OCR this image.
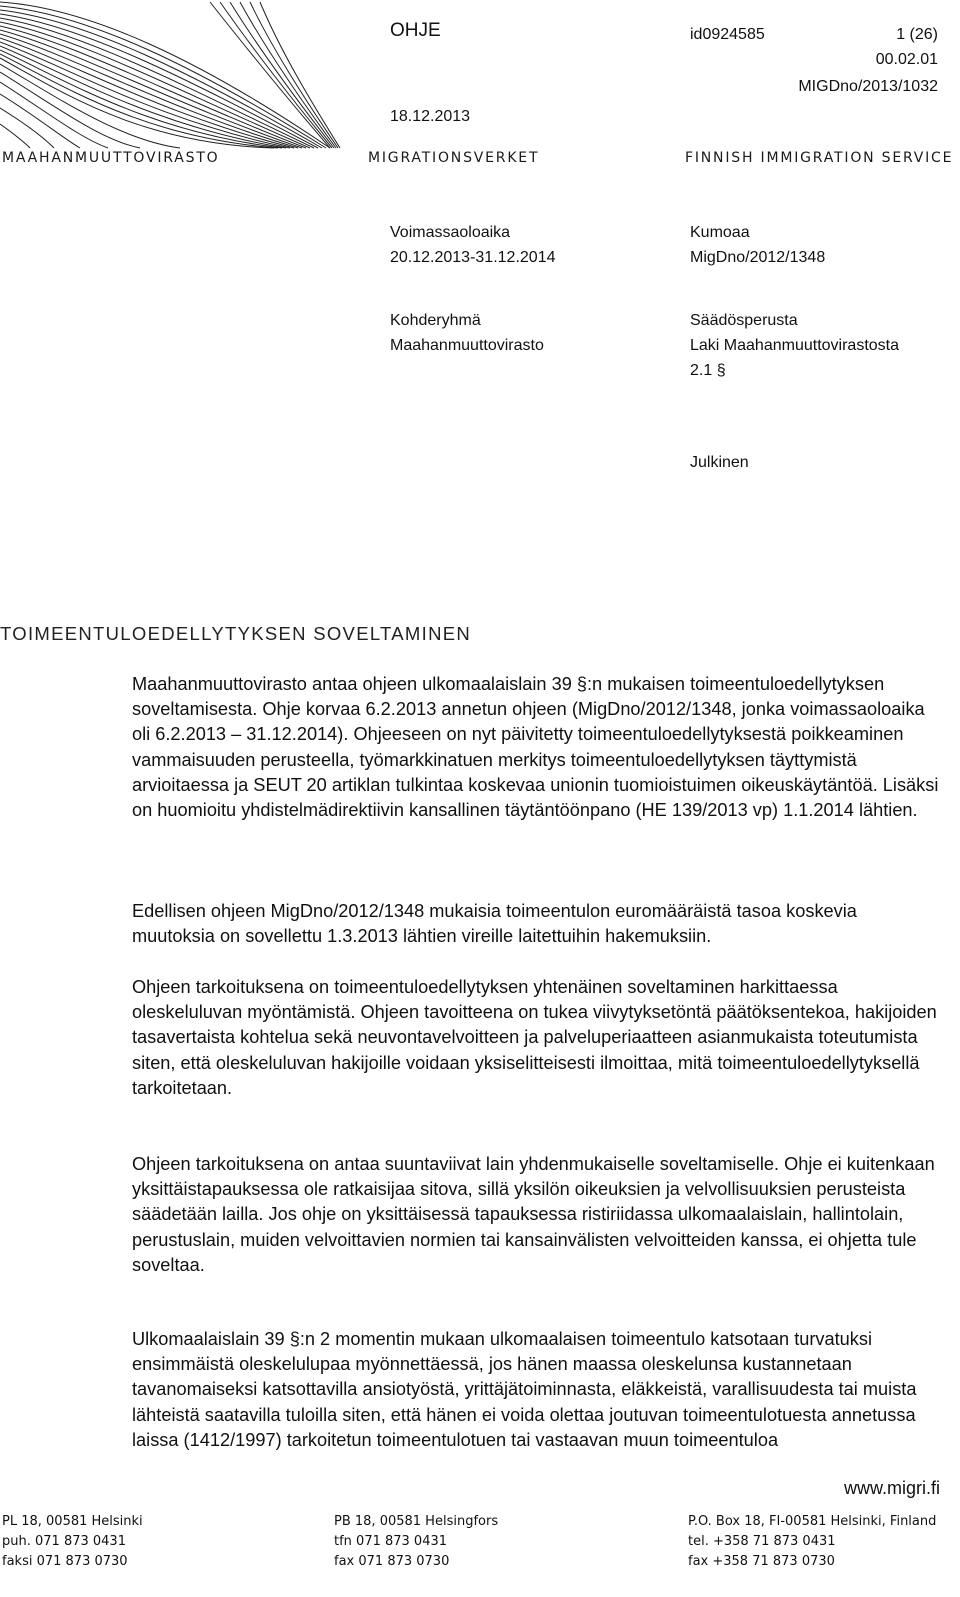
OHJE
18.12.2013
id0924585	1 (26)
00.02.01
MIGDno/2013/1032
MAAHANMUUTTOVIRASTO	MIGRATIONSVERKET	FINNISH IMMIGRATION SERVICE
Voimassaoloaika
20.12.2013-31.12.2014
Kumoaa
MigDno/2012/1348
Kohderyhmä
Maahanmuuttovirasto
Säädösperusta
Laki Maahanmuuttovirastosta
2.1 §
Julkinen
TOIMEENTULOEDELLYTYKSEN SOVELTAMINEN

Maahanmuuttovirasto antaa ohjeen ulkomaalaislain 39 §:n mukaisen toimeentuloedellytyksen soveltamisesta. Ohje korvaa 6.2.2013 annetun ohjeen (MigDno/2012/1348, jonka voimassaoloaika oli 6.2.2013 – 31.12.2014). Ohjeeseen on nyt päivitetty toimeentuloedellytyksestä poikkeaminen vammaisuuden perusteella, työmarkkinatuen merkitys toimeentuloedellytyksen täyttymistä arvioitaessa ja SEUT 20 artiklan tulkintaa koskevaa unionin tuomioistuimen oikeuskäytäntöä. Lisäksi on huomioitu yhdistelmädirektiivin kansallinen täytäntöönpano (HE 139/2013 vp) 1.1.2014 lähtien.

Edellisen ohjeen MigDno/2012/1348 mukaisia toimeentulon euromääräistä tasoa koskevia muutoksia on sovellettu 1.3.2013 lähtien vireille laitettuihin hakemuksiin.

Ohjeen tarkoituksena on toimeentuloedellytyksen yhtenäinen soveltaminen harkittaessa oleskeluluvan myöntämistä. Ohjeen tavoitteena on tukea viivytyksetöntä päätöksentekoa, hakijoiden tasavertaista kohtelua sekä neuvontavelvoitteen ja palveluperiaatteen asianmukaista toteutumista siten, että oleskeluluvan hakijoille voidaan yksiselitteisesti ilmoittaa, mitä toimeentuloedellytyksellä tarkoitetaan.

Ohjeen tarkoituksena on antaa suuntaviivat lain yhdenmukaiselle soveltamiselle. Ohje ei kuitenkaan yksittäistapauksessa ole ratkaisijaa sitova, sillä yksilön oikeuksien ja velvollisuuksien perusteista säädetään lailla. Jos ohje on yksittäisessä tapauksessa ristiriidassa ulkomaalaislain, hallintolain, perustuslain, muiden velvoittavien normien tai kansainvälisten velvoitteiden kanssa, ei ohjetta tule soveltaa.

Ulkomaalaislain 39 §:n 2 momentin mukaan ulkomaalaisen toimeentulo katsotaan turvatuksi ensimmäistä oleskelulupaa myönnettäessä, jos hänen maassa oleskelunsa kustannetaan tavanomaiseksi katsottavilla ansiotyöstä, yrittäjätoiminnasta, eläkkeistä, varallisuudesta tai muista lähteistä saatavilla tuloilla siten, että hänen ei voida olettaa joutuvan toimeentulotuesta annetussa laissa (1412/1997) tarkoitetun toimeentulotuen tai vastaavan muun toimeentuloa

www.migri.fi
PL 18, 00581 Helsinki
puh. 071 873 0431
faksi 071 873 0730
PB 18, 00581 Helsingfors
tfn 071 873 0431
fax 071 873 0730
P.O. Box 18, FI-00581 Helsinki, Finland
tel. +358 71 873 0431
fax +358 71 873 0730
